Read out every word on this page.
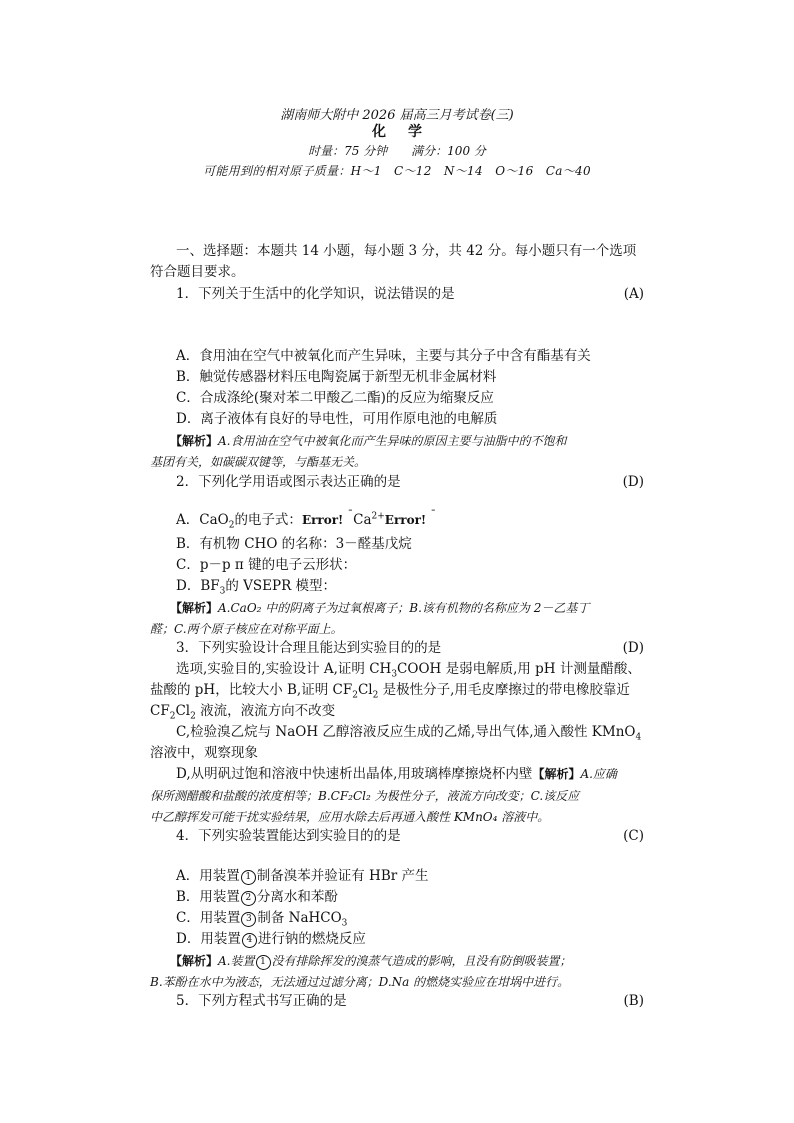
湖南师大附中 2026 届高三月考试卷(三)
化学
时量：75 分钟 满分：100 分
可能用到的相对原子质量：H～1　C～12　N～14　O～16　Ca～40
一、选择题：本题共 14 小题，每小题 3 分，共 42 分。每小题只有一个选项
符合题目要求。
1．下列关于生活中的化学知识，说法错误的是	(A)
A．食用油在空气中被氧化而产生异味，主要与其分子中含有酯基有关
B．触觉传感器材料压电陶瓷属于新型无机非金属材料
C．合成涤纶(聚对苯二甲酸乙二酯)的反应为缩聚反应
D．离子液体有良好的导电性，可用作原电池的电解质
【解析】A.食用油在空气中被氧化而产生异味的原因主要与油脂中的不饱和
基团有关，如碳碳双键等，与酯基无关。
2．下列化学用语或图示表达正确的是	(D)
A．CaO$_2$的电子式：Error! $^¯Ca^{2+}Error$! ¯
B．有机物 CHO 的名称：3－醛基戊烷
C．p－p π 键的电子云形状：
D．$BF_3$的 VSEPR 模型：
【解析】A.CaO₂ 中的阴离子为过氧根离子；B.该有机物的名称应为 2－乙基丁
醛；C.两个原子核应在对称平面上。
3．下列实验设计合理且能达到实验目的的是	(D)
选项,实验目的,实验设计 A,证明 $CH_3COOH$ 是弱电解质,用 pH 计测量醋酸、
盐酸的 pH，比较大小 B,证明 $CF_2Cl_2$ 是极性分子,用毛皮摩擦过的带电橡胶靠近
$CF_2Cl_2$ 液流，液流方向不改变
C,检验溴乙烷与 NaOH 乙醇溶液反应生成的乙烯,导出气体,通入酸性 KMnO$_4$
溶液中，观察现象
D,从明矾过饱和溶液中快速析出晶体,用玻璃棒摩擦烧杯内壁【解析】A.应确
保所测醋酸和盐酸的浓度相等；B.CF₂Cl₂ 为极性分子，液流方向改变；C.该反应
中乙醇挥发可能干扰实验结果，应用水除去后再通入酸性 KMnO₄ 溶液中。
4．下列实验装置能达到实验目的的是	(C)
A．用装置 1 制备溴苯并验证有 HBr 产生
B．用装置 2 分离水和苯酚
C．用装置 3 制备 NaHCO$_3$
D．用装置 4 进行钠的燃烧反应
【解析】A.装置 1 没有排除挥发的溴蒸气造成的影响，且没有防倒吸装置；
B.苯酚在水中为液态，无法通过过滤分离；D.Na 的燃烧实验应在坩埚中进行。
5．下列方程式书写正确的是	(B)
